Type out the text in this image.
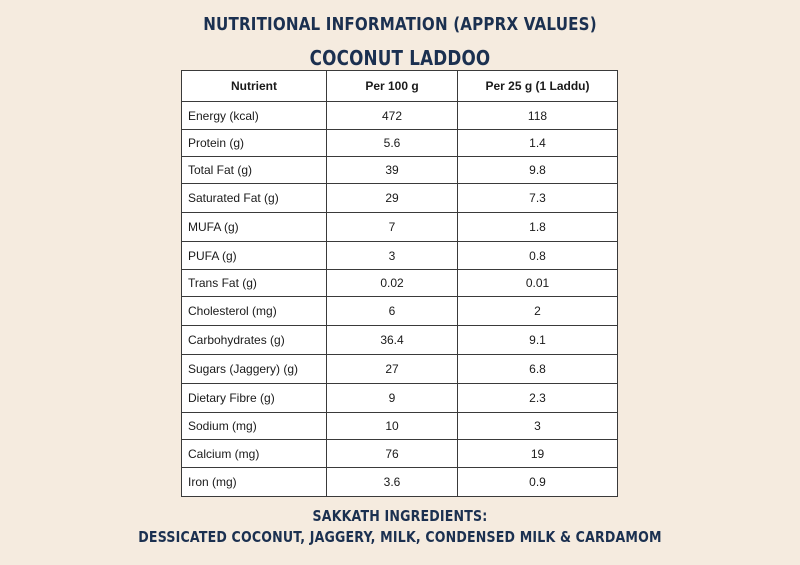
NUTRITIONAL INFORMATION (APPRX VALUES)
COCONUT LADDOO
Nutrient	Per 100 g	Per 25 g (1 Laddu)
Energy (kcal)	472	118
Protein (g)	5.6	1.4
Total Fat (g)	39	9.8
Saturated Fat (g)	29	7.3
MUFA (g)	7	1.8
PUFA (g)	3	0.8
Trans Fat (g)	0.02	0.01
Cholesterol (mg)	6	2
Carbohydrates (g)	36.4	9.1
Sugars (Jaggery) (g)	27	6.8
Dietary Fibre (g)	9	2.3
Sodium (mg)	10	3
Calcium (mg)	76	19
Iron (mg)	3.6	0.9
SAKKATH INGREDIENTS:
DESSICATED COCONUT, JAGGERY, MILK, CONDENSED MILK & CARDAMOM
